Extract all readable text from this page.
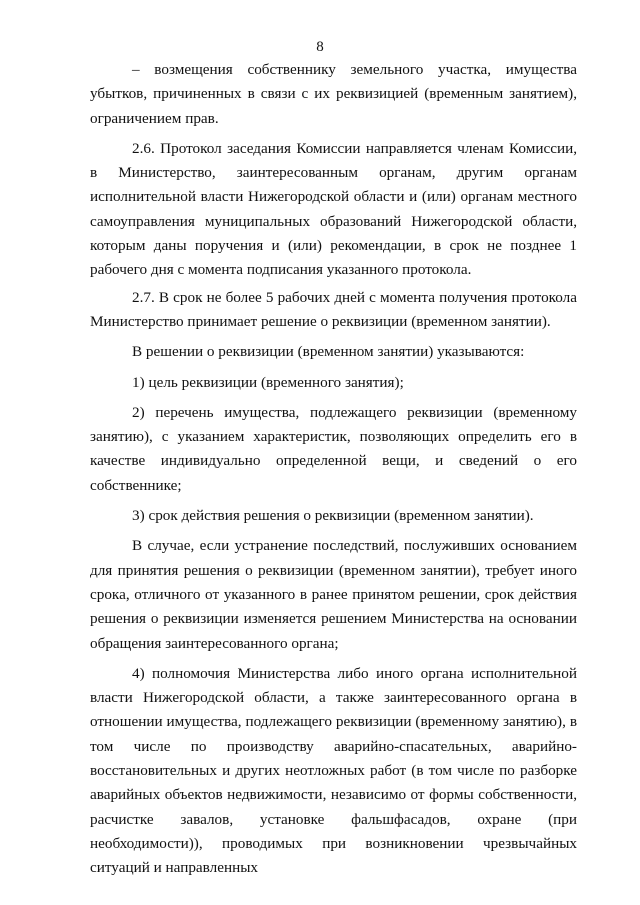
8

– возмещения собственнику земельного участка, имущества убытков, причиненных в связи с их реквизицией (временным занятием), ограничением прав.

2.6. Протокол заседания Комиссии направляется членам Комиссии, в Министерство, заинтересованным органам, другим органам исполнительной власти Нижегородской области и (или) органам местного самоуправления муниципальных образований Нижегородской области, которым даны поручения и (или) рекомендации, в срок не позднее 1 рабочего дня с момента подписания указанного протокола.

2.7. В срок не более 5 рабочих дней с момента получения протокола Министерство принимает решение о реквизиции (временном занятии).

В решении о реквизиции (временном занятии) указываются:

1) цель реквизиции (временного занятия);

2) перечень имущества, подлежащего реквизиции (временному занятию), с указанием характеристик, позволяющих определить его в качестве индивидуально определенной вещи, и сведений о его собственнике;

3) срок действия решения о реквизиции (временном занятии).

В случае, если устранение последствий, послуживших основанием для принятия решения о реквизиции (временном занятии), требует иного срока, отличного от указанного в ранее принятом решении, срок действия решения о реквизиции изменяется решением Министерства на основании обращения заинтересованного органа;

4) полномочия Министерства либо иного органа исполнительной власти Нижегородской области, а также заинтересованного органа в отношении имущества, подлежащего реквизиции (временному занятию), в том числе по производству аварийно-спасательных, аварийно-восстановительных и других неотложных работ (в том числе по разборке аварийных объектов недвижимости, независимо от формы собственности, расчистке завалов, установке фальшфасадов, охране (при необходимости)), проводимых при возникновении чрезвычайных ситуаций и направленных
